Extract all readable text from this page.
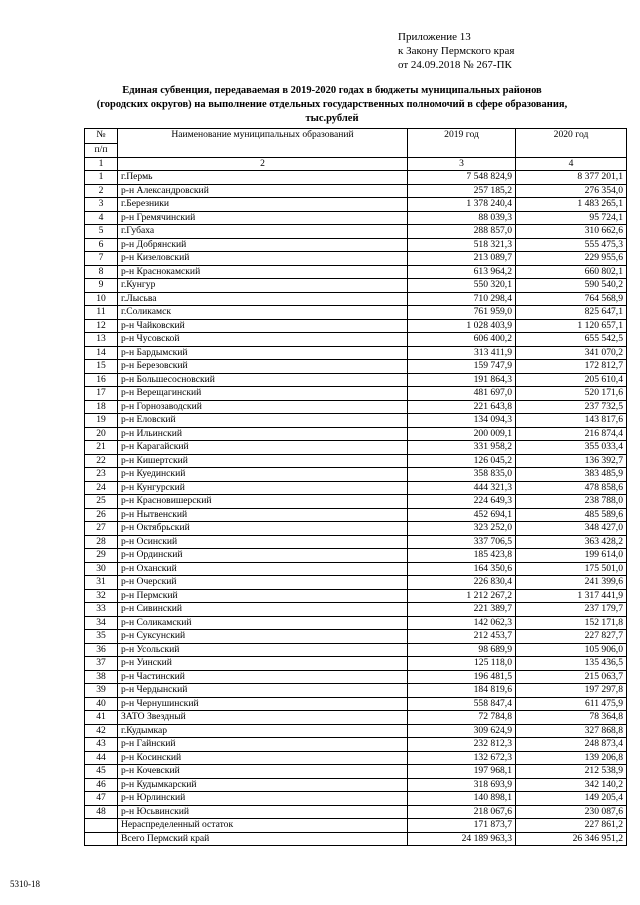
Приложение 13
к Закону Пермского края
от 24.09.2018 № 267-ПК
Единая субвенция, передаваемая в 2019-2020 годах в бюджеты муниципальных районов
(городских округов) на выполнение отдельных государственных полномочий в сфере образования,
тыс.рублей
№	Наименование муниципальных образований	2019 год	2020 год
п/п			
1	2	3	4
1	г.Пермь	7 548 824,9	8 377 201,1
2	р-н Александровский	257 185,2	276 354,0
3	г.Березники	1 378 240,4	1 483 265,1
4	р-н Гремячинский	88 039,3	95 724,1
5	г.Губаха	288 857,0	310 662,6
6	р-н Добрянский	518 321,3	555 475,3
7	р-н Кизеловский	213 089,7	229 955,6
8	р-н Краснокамский	613 964,2	660 802,1
9	г.Кунгур	550 320,1	590 540,2
10	г.Лысьва	710 298,4	764 568,9
11	г.Соликамск	761 959,0	825 647,1
12	р-н Чайковский	1 028 403,9	1 120 657,1
13	р-н Чусовской	606 400,2	655 542,5
14	р-н Бардымский	313 411,9	341 070,2
15	р-н Березовский	159 747,9	172 812,7
16	р-н Большесосновский	191 864,3	205 610,4
17	р-н Верещагинский	481 697,0	520 171,6
18	р-н Горнозаводский	221 643,8	237 732,5
19	р-н Еловский	134 094,3	143 817,6
20	р-н Ильинский	200 009,1	216 874,4
21	р-н Карагайский	331 958,2	355 033,4
22	р-н Кишертский	126 045,2	136 392,7
23	р-н Куединский	358 835,0	383 485,9
24	р-н Кунгурский	444 321,3	478 858,6
25	р-н Красновишерский	224 649,3	238 788,0
26	р-н Нытвенский	452 694,1	485 589,6
27	р-н Октябрьский	323 252,0	348 427,0
28	р-н Осинский	337 706,5	363 428,2
29	р-н Ординский	185 423,8	199 614,0
30	р-н Оханский	164 350,6	175 501,0
31	р-н Очерский	226 830,4	241 399,6
32	р-н Пермский	1 212 267,2	1 317 441,9
33	р-н Сивинский	221 389,7	237 179,7
34	р-н Соликамский	142 062,3	152 171,8
35	р-н Суксунский	212 453,7	227 827,7
36	р-н Усольский	98 689,9	105 906,0
37	р-н Уинский	125 118,0	135 436,5
38	р-н Частинский	196 481,5	215 063,7
39	р-н Чердынский	184 819,6	197 297,8
40	р-н Чернушинский	558 847,4	611 475,9
41	ЗАТО Звездный	72 784,8	78 364,8
42	г.Кудымкар	309 624,9	327 868,8
43	р-н Гайнский	232 812,3	248 873,4
44	р-н Косинский	132 672,3	139 206,8
45	р-н Кочевский	197 968,1	212 538,9
46	р-н Кудымкарский	318 693,9	342 140,2
47	р-н Юрлинский	140 898,1	149 205,4
48	р-н Юсьвинский	218 067,6	230 087,6
	Нераспределенный остаток	171 873,7	227 861,2
	Всего Пермский край	24 189 963,3	26 346 951,2
5310-18
